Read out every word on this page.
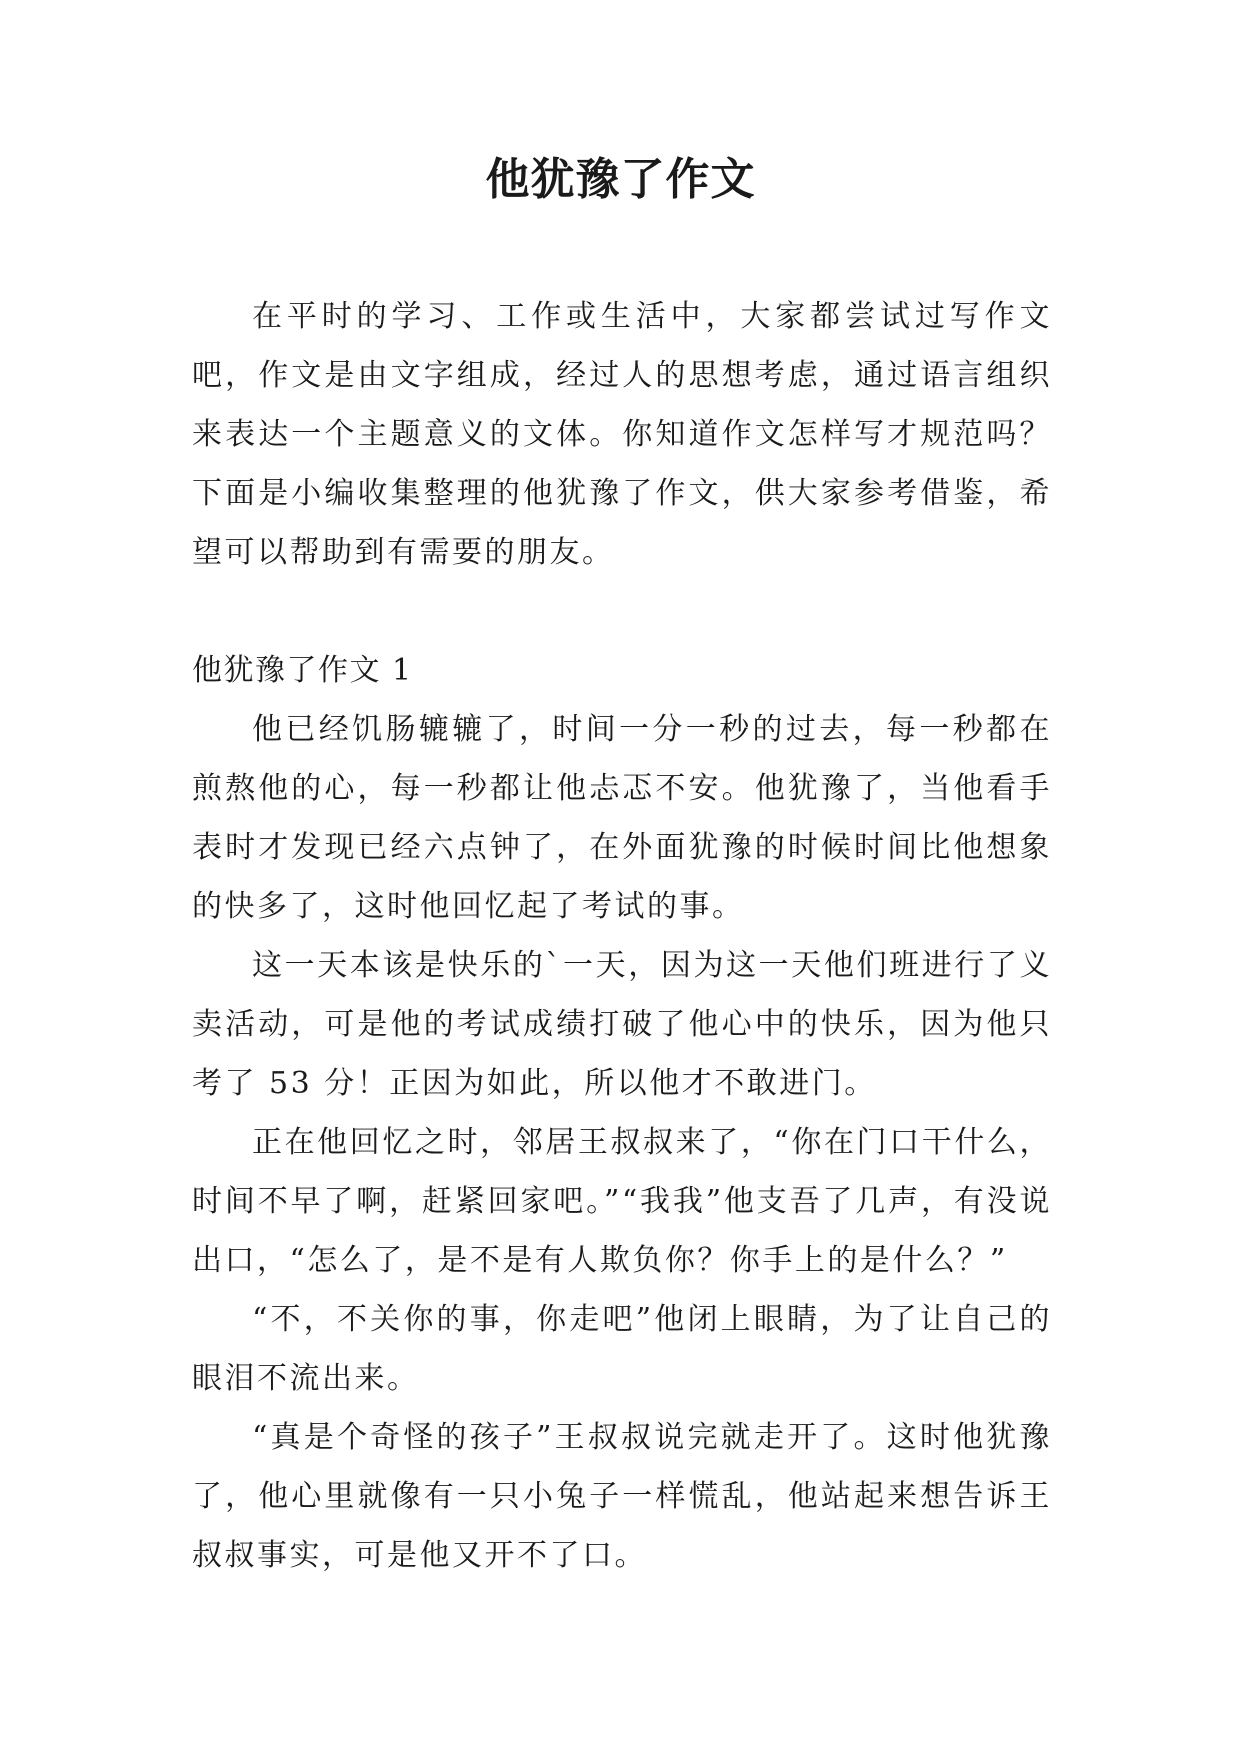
他犹豫了作文

在平时的学习、工作或生活中，大家都尝试过写作文吧，作文是由文字组成，经过人的思想考虑，通过语言组织来表达一个主题意义的文体。你知道作文怎样写才规范吗？下面是小编收集整理的他犹豫了作文，供大家参考借鉴，希望可以帮助到有需要的朋友。

他犹豫了作文 1

他已经饥肠辘辘了，时间一分一秒的过去，每一秒都在煎熬他的心，每一秒都让他忐忑不安。他犹豫了，当他看手表时才发现已经六点钟了，在外面犹豫的时候时间比他想象的快多了，这时他回忆起了考试的事。

这一天本该是快乐的`一天，因为这一天他们班进行了义卖活动，可是他的考试成绩打破了他心中的快乐，因为他只考了 53 分！正因为如此，所以他才不敢进门。

正在他回忆之时，邻居王叔叔来了，“你在门口干什么，时间不早了啊，赶紧回家吧。”“我我”他支吾了几声，有没说出口，“怎么了，是不是有人欺负你？你手上的是什么？”

“不，不关你的事，你走吧”他闭上眼睛，为了让自己的眼泪不流出来。

“真是个奇怪的孩子”王叔叔说完就走开了。这时他犹豫了，他心里就像有一只小兔子一样慌乱，他站起来想告诉王叔叔事实，可是他又开不了口。
